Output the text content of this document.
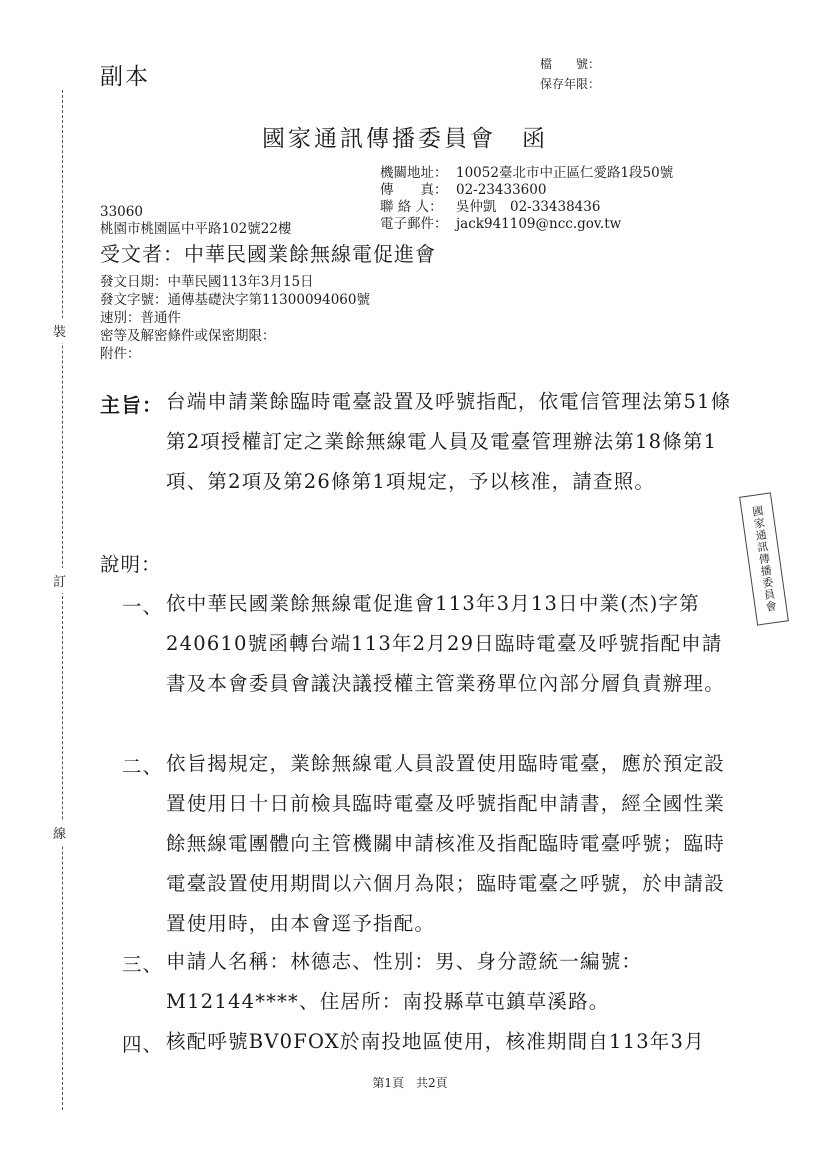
裝
訂
線
副本	檔　　號：
保存年限：
國家通訊傳播委員會　函
機關地址： 10052臺北市中正區仁愛路1段50號
傳　　真： 02-23433600
聯 絡 人： 吳仲凱　02-33438436
電子郵件： jack941109@ncc.gov.tw
33060
桃園市桃園區中平路102號22樓
受文者：中華民國業餘無線電促進會
發文日期：中華民國113年3月15日
發文字號：通傳基礎決字第11300094060號
速別：普通件
密等及解密條件或保密期限：
附件：
主旨： 台端申請業餘臨時電臺設置及呼號指配，依電信管理法第51條第2項授權訂定之業餘無線電人員及電臺管理辦法第18條第1項、第2項及第26條第1項規定，予以核准，請查照。
國家通訊傳播委員會
說明：
一、 依中華民國業餘無線電促進會113年3月13日中業(杰)字第240610號函轉台端113年2月29日臨時電臺及呼號指配申請書及本會委員會議決議授權主管業務單位內部分層負責辦理。
二、 依旨揭規定，業餘無線電人員設置使用臨時電臺，應於預定設置使用日十日前檢具臨時電臺及呼號指配申請書，經全國性業餘無線電團體向主管機關申請核准及指配臨時電臺呼號；臨時電臺設置使用期間以六個月為限；臨時電臺之呼號，於申請設置使用時，由本會逕予指配。
三、 申請人名稱：林德志、性別：男、身分證統一編號：M12144****、住居所：南投縣草屯鎮草溪路。
四、 核配呼號BV0FOX於南投地區使用，核准期間自113年3月
第1頁　共2頁
